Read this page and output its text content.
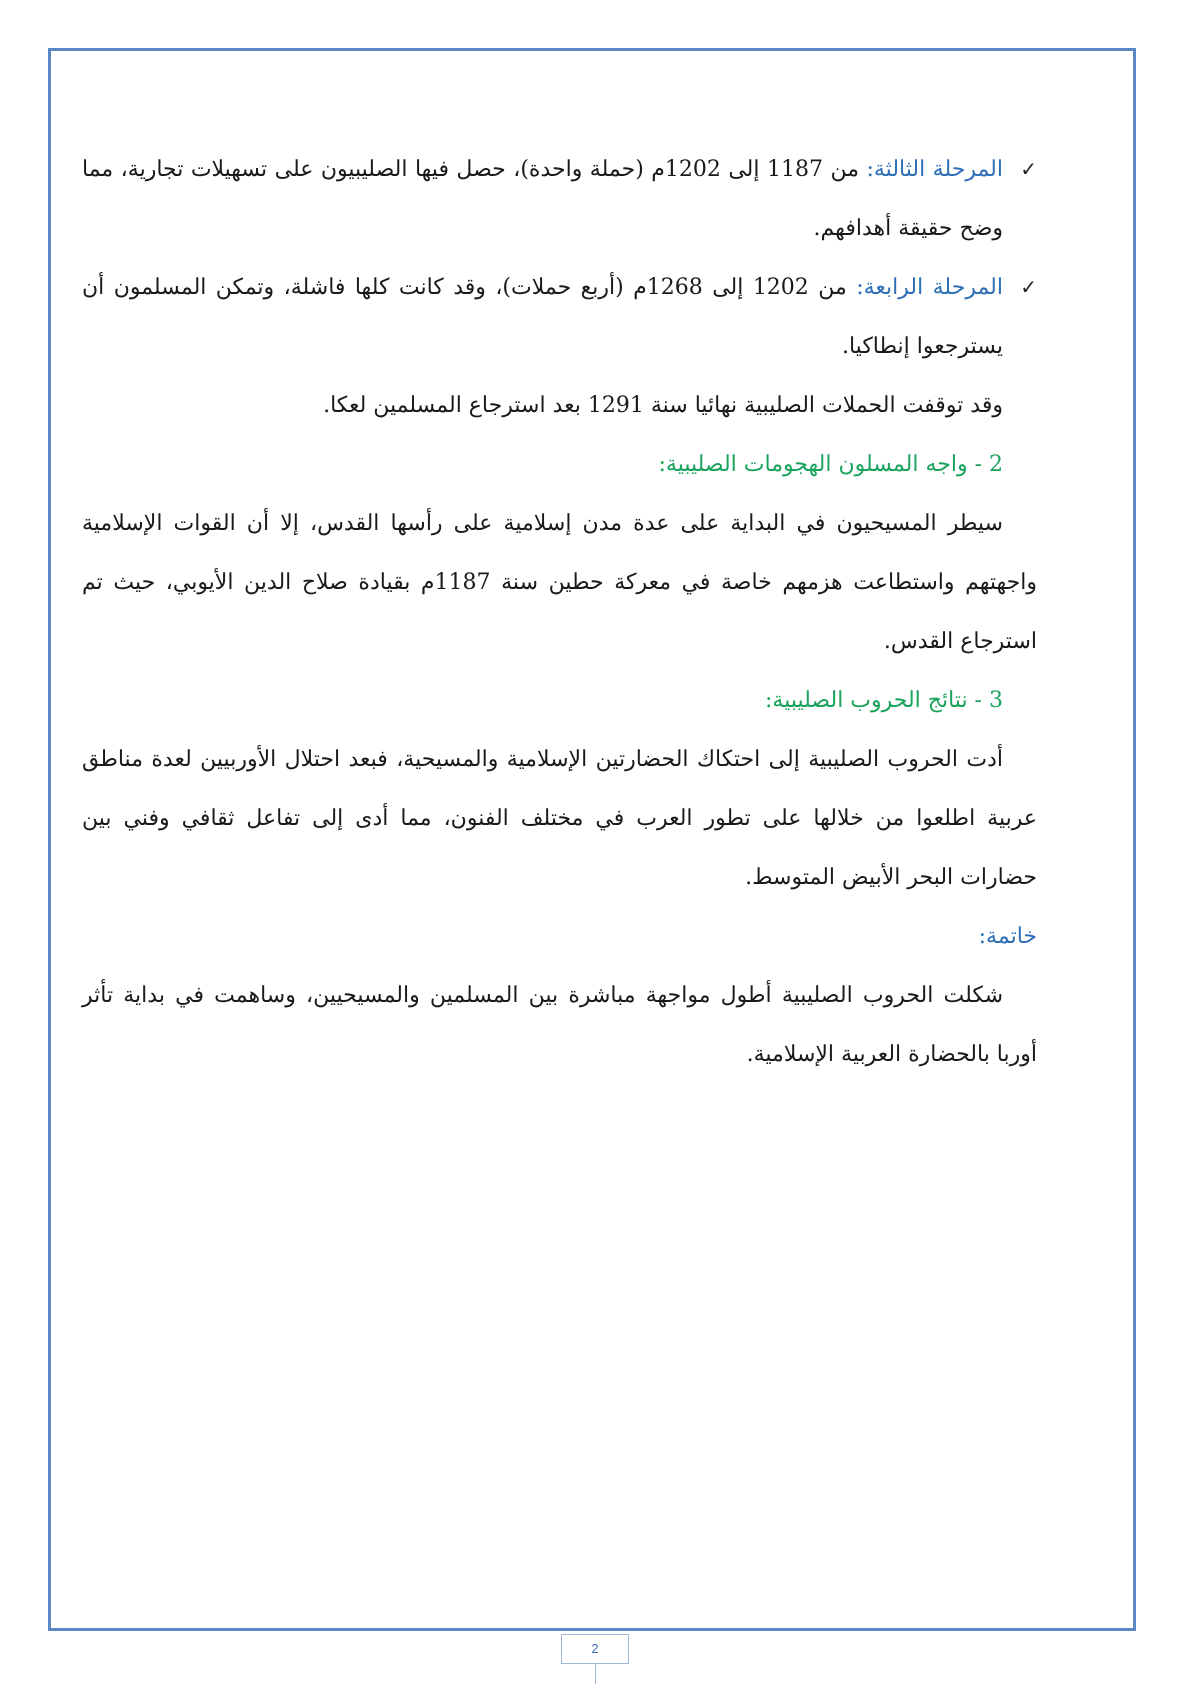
✓
المرحلة الثالثة: من 1187 إلى 1202م (حملة واحدة)، حصل فيها الصليبيون على تسهيلات تجارية، مما وضح حقيقة أهدافهم.

✓
المرحلة الرابعة: من 1202 إلى 1268م (أربع حملات)، وقد كانت كلها فاشلة، وتمكن المسلمون أن يسترجعوا إنطاكيا.

وقد توقفت الحملات الصليبية نهائيا سنة 1291 بعد استرجاع المسلمين لعكا.

2 - واجه المسلون الهجومات الصليبية:

سيطر المسيحيون في البداية على عدة مدن إسلامية على رأسها القدس، إلا أن القوات الإسلامية واجهتهم واستطاعت هزمهم خاصة في معركة حطين سنة 1187م بقيادة صلاح الدين الأيوبي، حيث تم استرجاع القدس.

3 - نتائج الحروب الصليبية:

أدت الحروب الصليبية إلى احتكاك الحضارتين الإسلامية والمسيحية، فبعد احتلال الأوربيين لعدة مناطق عربية اطلعوا من خلالها على تطور العرب في مختلف الفنون، مما أدى إلى تفاعل ثقافي وفني بين حضارات البحر الأبيض المتوسط.

خاتمة:

شكلت الحروب الصليبية أطول مواجهة مباشرة بين المسلمين والمسيحيين، وساهمت في بداية تأثر أوربا بالحضارة العربية الإسلامية.

2
